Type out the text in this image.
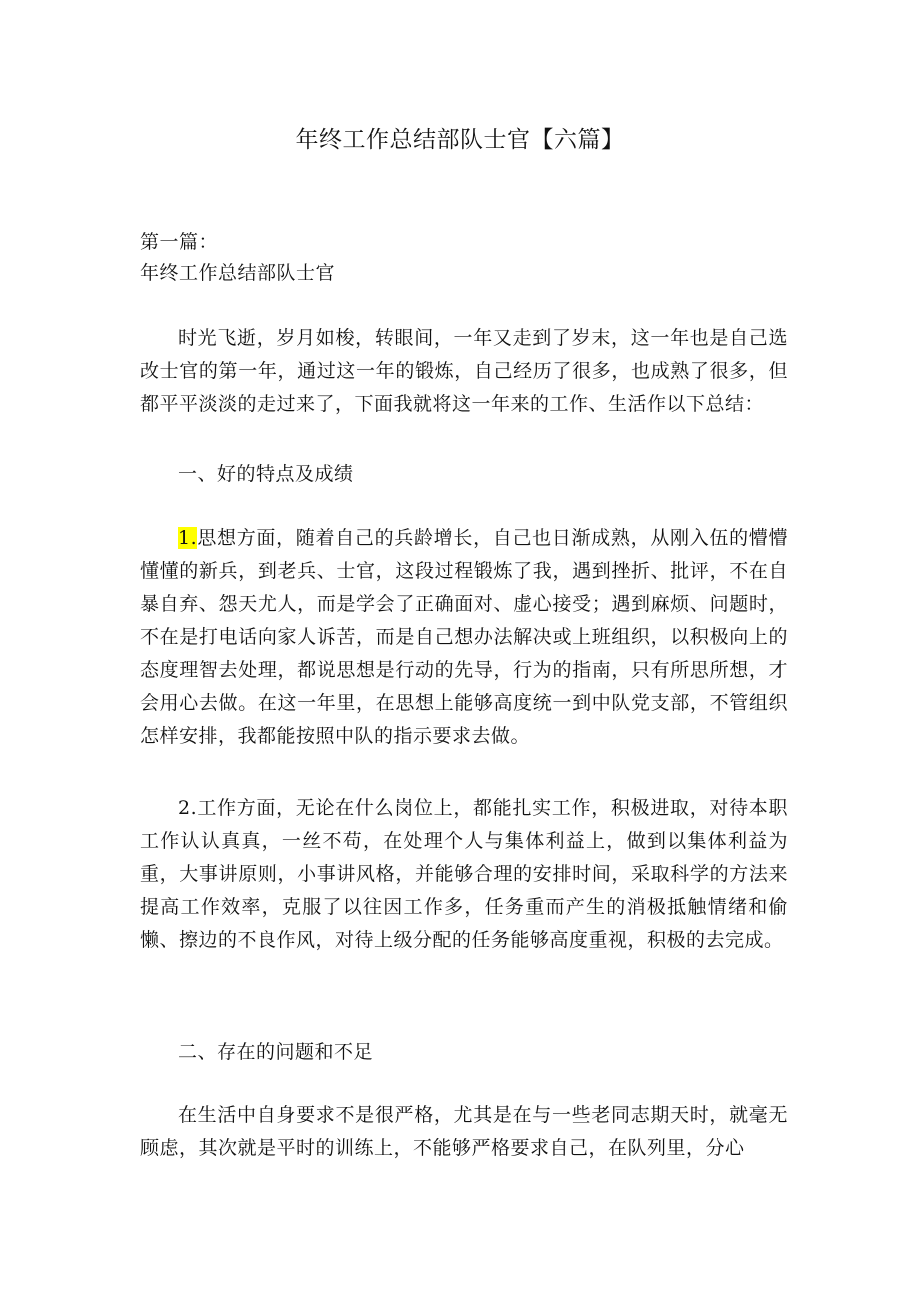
年终工作总结部队士官【六篇】
第一篇：
年终工作总结部队士官
时光飞逝，岁月如梭，转眼间，一年又走到了岁末，这一年也是自己选改士官的第一年，通过这一年的锻炼，自己经历了很多，也成熟了很多，但都平平淡淡的走过来了，下面我就将这一年来的工作、生活作以下总结：
一、好的特点及成绩
1.思想方面，随着自己的兵龄增长，自己也日渐成熟，从刚入伍的懵懵懂懂的新兵，到老兵、士官，这段过程锻炼了我，遇到挫折、批评，不在自暴自弃、怨天尤人，而是学会了正确面对、虚心接受；遇到麻烦、问题时，不在是打电话向家人诉苦，而是自己想办法解决或上班组织，以积极向上的态度理智去处理，都说思想是行动的先导，行为的指南，只有所思所想，才会用心去做。在这一年里，在思想上能够高度统一到中队党支部，不管组织怎样安排，我都能按照中队的指示要求去做。
2.工作方面，无论在什么岗位上，都能扎实工作，积极进取，对待本职工作认认真真，一丝不苟，在处理个人与集体利益上，做到以集体利益为重，大事讲原则，小事讲风格，并能够合理的安排时间，采取科学的方法来提高工作效率，克服了以往因工作多，任务重而产生的消极抵触情绪和偷懒、擦边的不良作风，对待上级分配的任务能够高度重视，积极的去完成。
二、存在的问题和不足
在生活中自身要求不是很严格，尤其是在与一些老同志期天时，就毫无顾虑，其次就是平时的训练上，不能够严格要求自己，在队列里，分心
